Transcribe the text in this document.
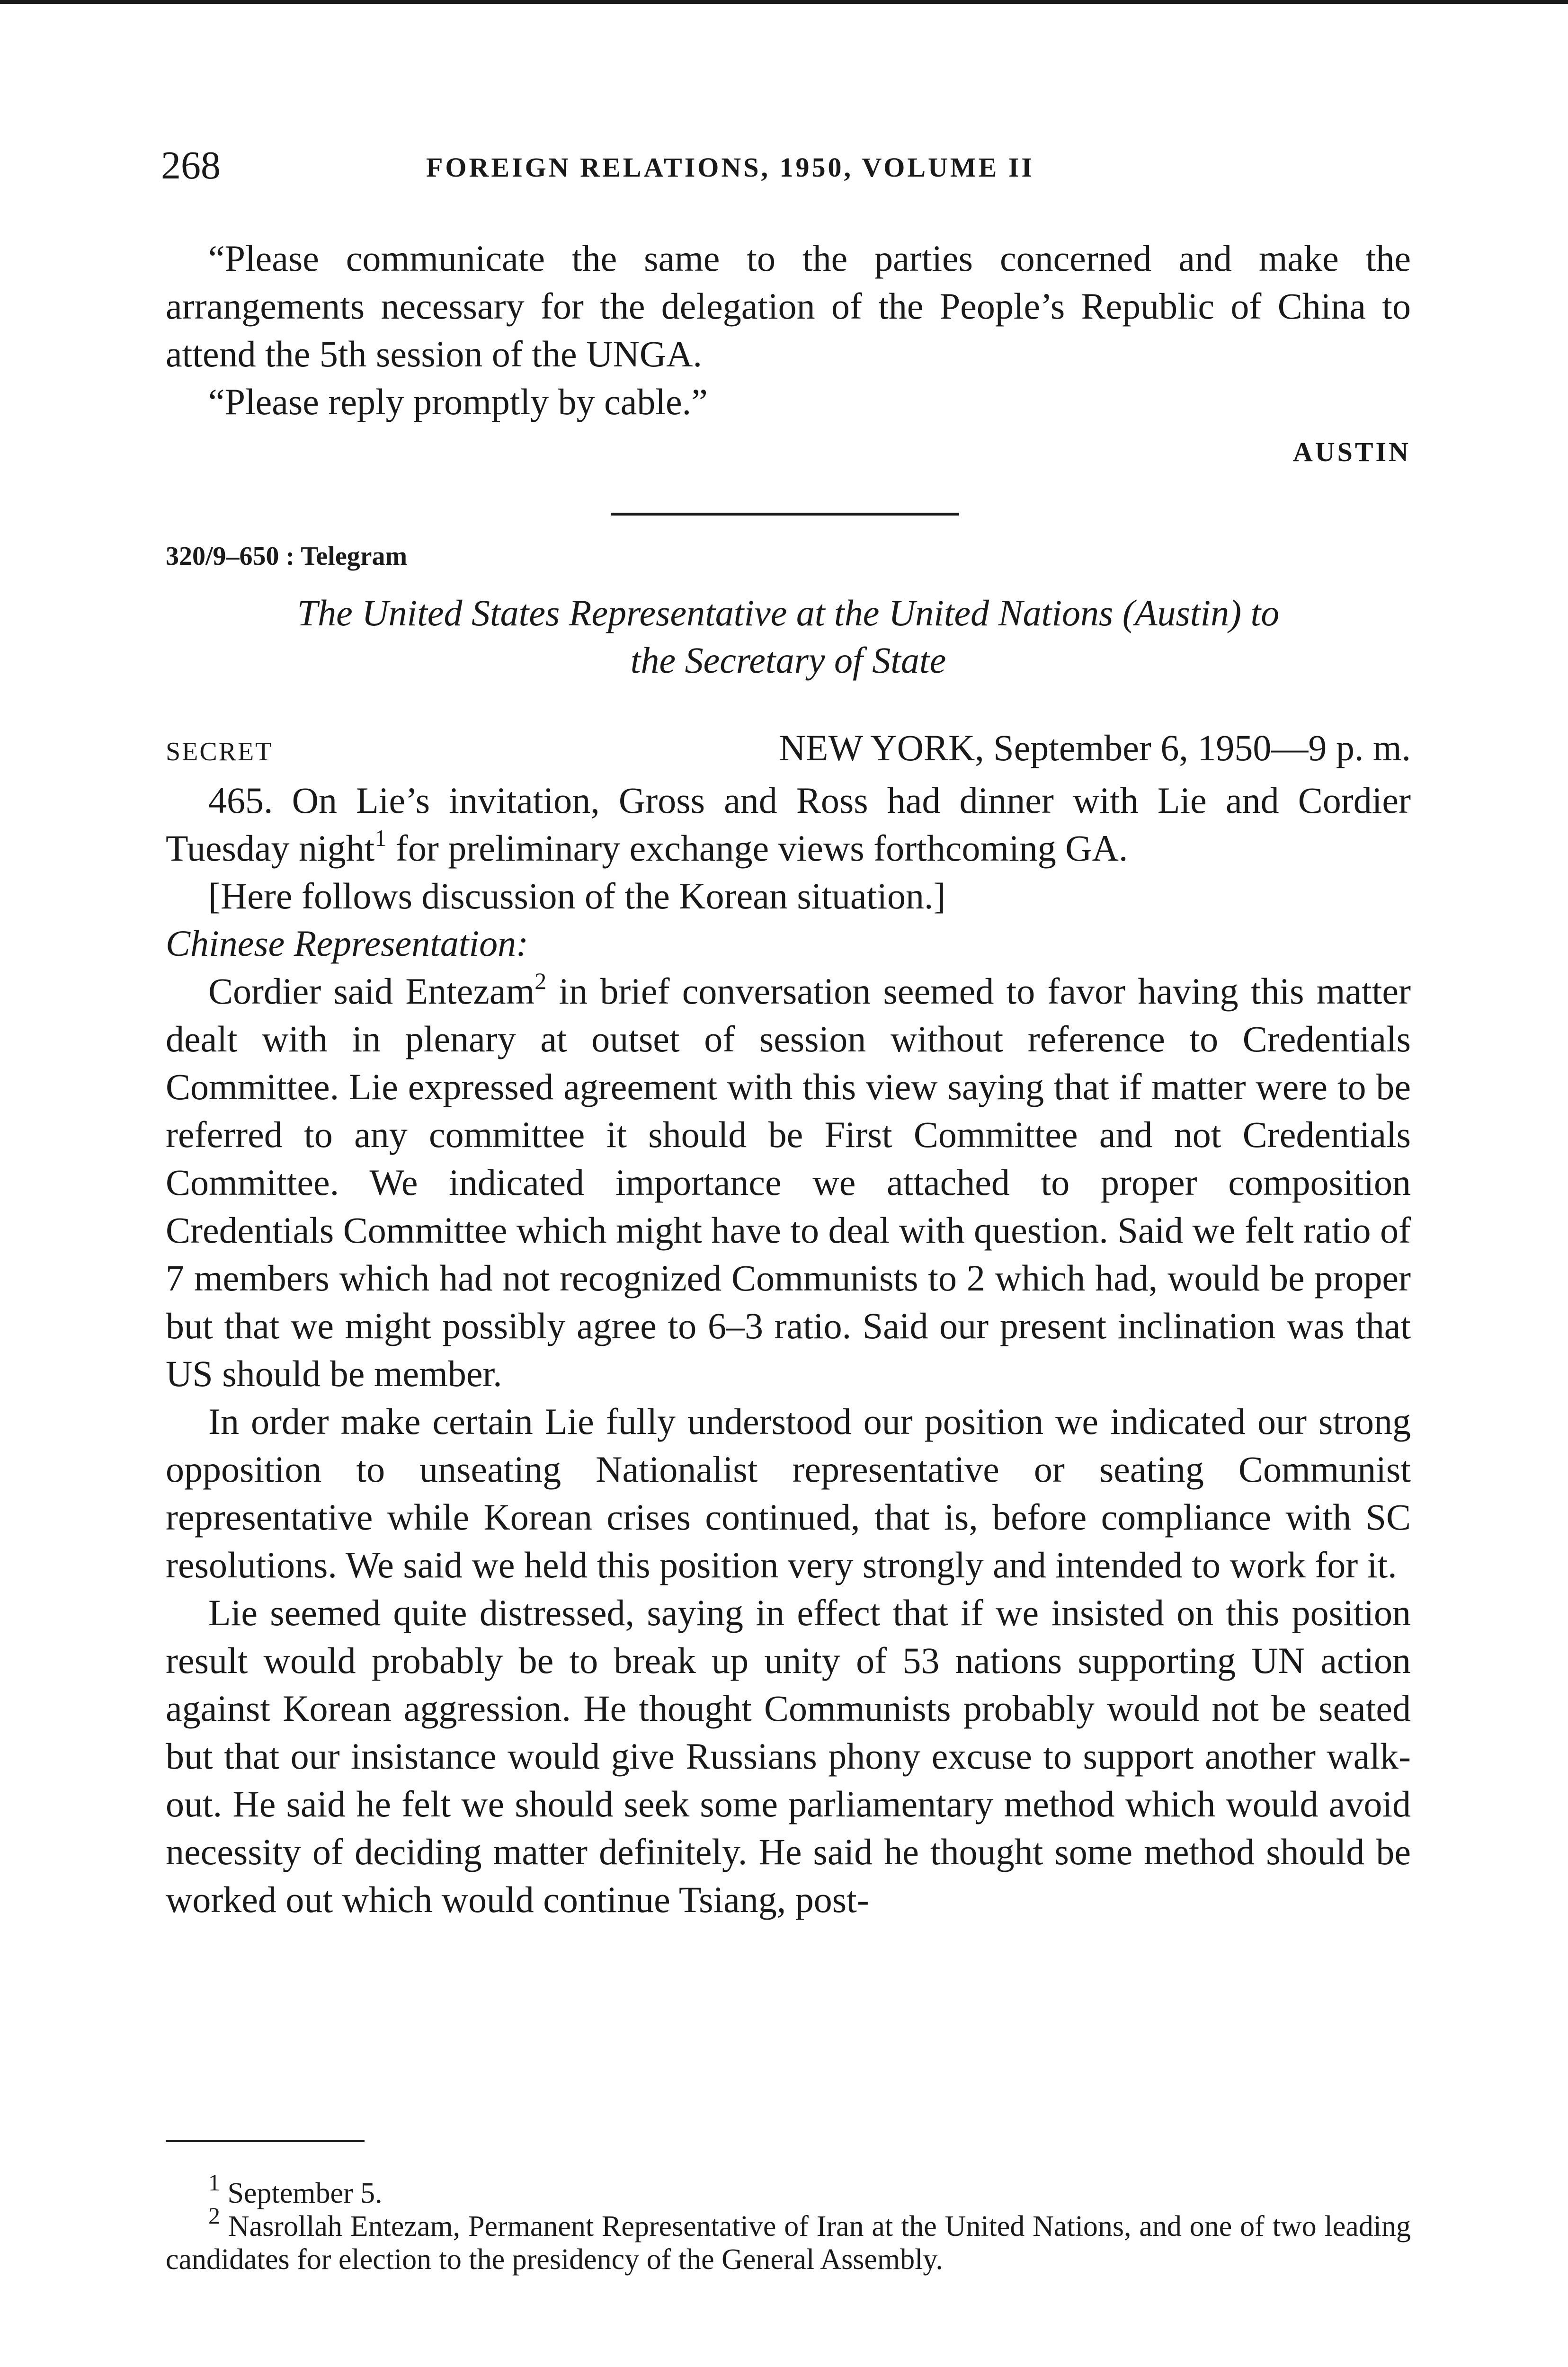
268	FOREIGN RELATIONS, 1950, VOLUME II

“Please communicate the same to the parties concerned and make the arrangements necessary for the delegation of the People’s Republic of China to attend the 5th session of the UNGA.

“Please reply promptly by cable.”

AUSTIN
320/9–650 : Telegram
The United States Representative at the United Nations (Austin) to
the Secretary of State
SECRET	NEW YORK, September 6, 1950—9 p. m.

465. On Lie’s invitation, Gross and Ross had dinner with Lie and Cordier Tuesday night$^1$ for preliminary exchange views forthcoming GA.

[Here follows discussion of the Korean situation.]

Chinese Representation:

Cordier said Entezam$^2$ in brief conversation seemed to favor having this matter dealt with in plenary at outset of session without reference to Credentials Committee. Lie expressed agreement with this view saying that if matter were to be referred to any committee it should be First Committee and not Credentials Committee. We indicated importance we attached to proper composition Credentials Committee which might have to deal with question. Said we felt ratio of 7 members which had not recognized Communists to 2 which had, would be proper but that we might possibly agree to 6–3 ratio. Said our present inclination was that US should be member.

In order make certain Lie fully understood our position we indicated our strong opposition to unseating Nationalist representative or seating Communist representative while Korean crises continued, that is, before compliance with SC resolutions. We said we held this position very strongly and intended to work for it.

Lie seemed quite distressed, saying in effect that if we insisted on this position result would probably be to break up unity of 53 nations supporting UN action against Korean aggression. He thought Communists probably would not be seated but that our insistance would give Russians phony excuse to support another walk-out. He said he felt we should seek some parliamentary method which would avoid necessity of deciding matter definitely. He said he thought some method should be worked out which would continue Tsiang, post-

$^1$ September 5.

$^2$ Nasrollah Entezam, Permanent Representative of Iran at the United Nations, and one of two leading candidates for election to the presidency of the General Assembly.
